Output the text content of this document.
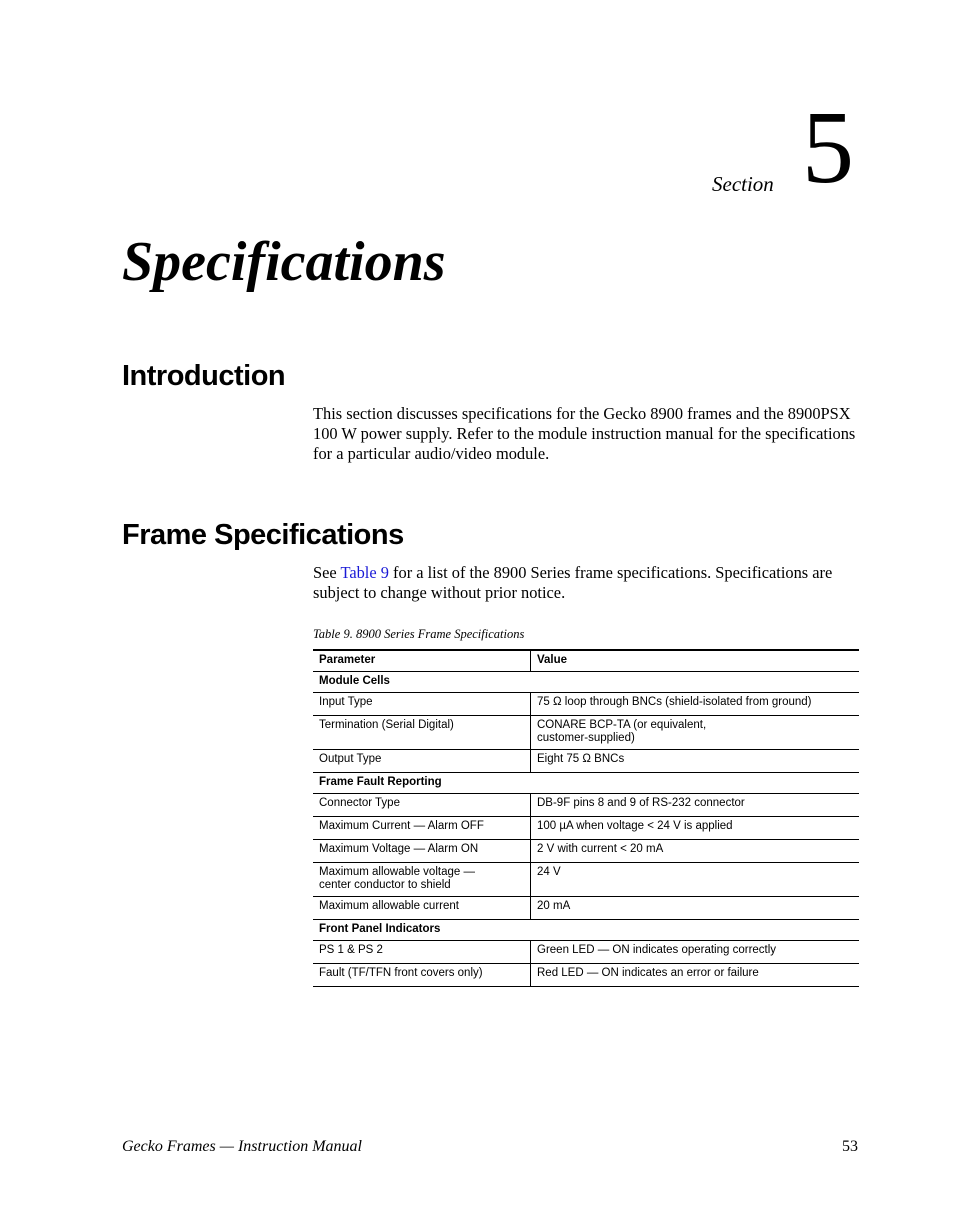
Section 5
Specifications
Introduction

This section discusses specifications for the Gecko 8900 frames and the 8900PSX 100 W power supply. Refer to the module instruction manual for the specifications for a particular audio/video module.

Frame Specifications

See Table 9 for a list of the 8900 Series frame specifications. Specifications are subject to change without prior notice.

Table 9. 8900 Series Frame Specifications
Parameter	Value
Module Cells	
Input Type	75 Ω loop through BNCs (shield-isolated from ground)
Termination (Serial Digital)	CONARE BCP-TA (or equivalent,
customer-supplied)
Output Type	Eight 75 Ω BNCs
Frame Fault Reporting	
Connector Type	DB-9F pins 8 and 9 of RS-232 connector
Maximum Current — Alarm OFF	100 µA when voltage < 24 V is applied
Maximum Voltage — Alarm ON	2 V with current < 20 mA
Maximum allowable voltage —
center conductor to shield	24 V
Maximum allowable current	20 mA
Front Panel Indicators	
PS 1 & PS 2	Green LED — ON indicates operating correctly
Fault (TF/TFN front covers only)	Red LED — ON indicates an error or failure
Gecko Frames — Instruction Manual	53
